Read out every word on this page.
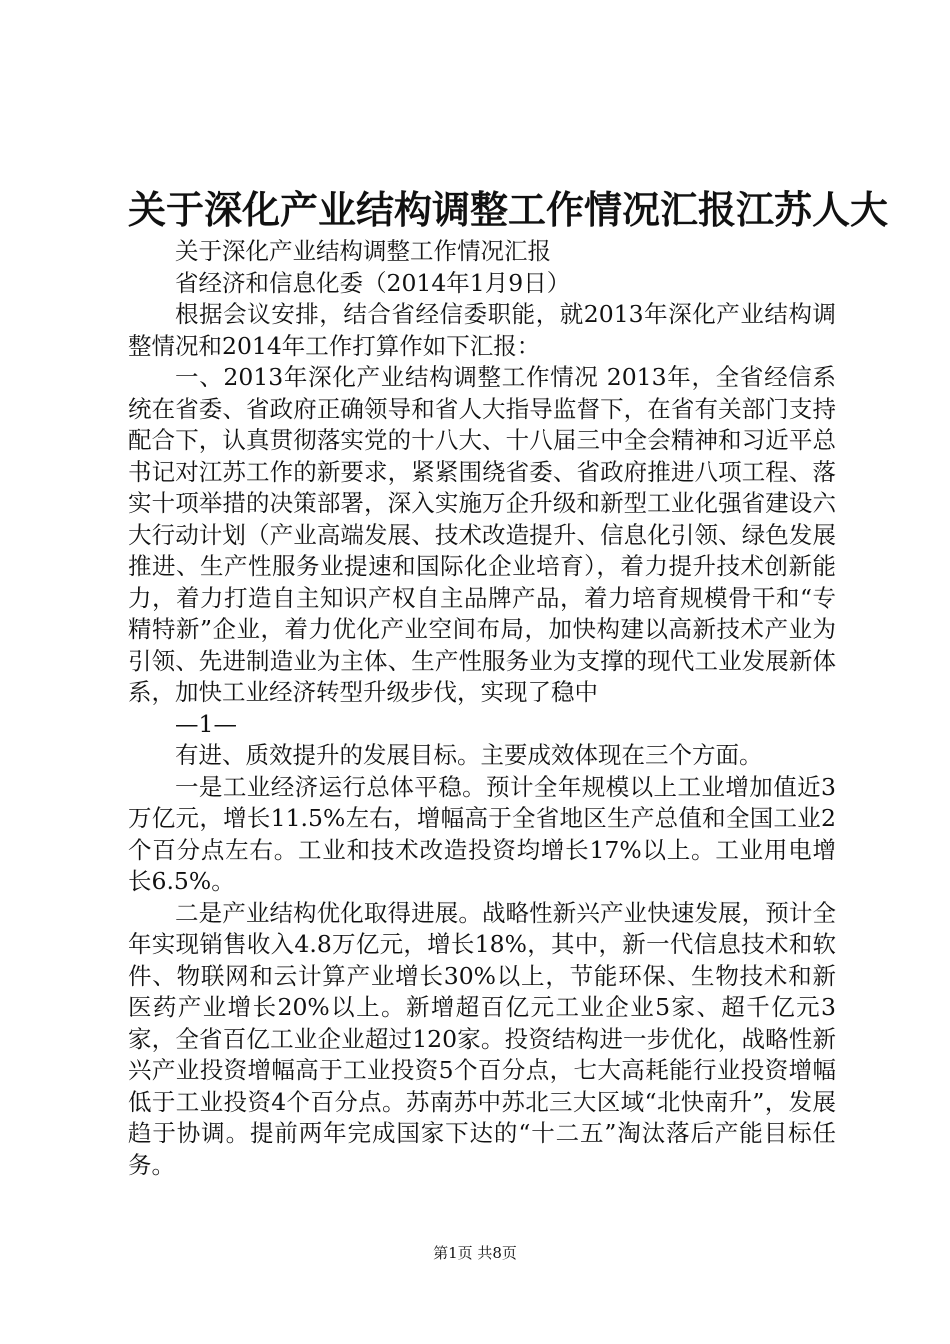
关于深化产业结构调整工作情况汇报江苏人大

关于深化产业结构调整工作情况汇报

省经济和信息化委（2014年1月9日）

根据会议安排，结合省经信委职能，就2013年深化产业结构调整情况和2014年工作打算作如下汇报：

一、2013年深化产业结构调整工作情况 2013年，全省经信系统在省委、省政府正确领导和省人大指导监督下，在省有关部门支持配合下，认真贯彻落实党的十八大、十八届三中全会精神和习近平总书记对江苏工作的新要求，紧紧围绕省委、省政府推进八项工程、落实十项举措的决策部署，深入实施万企升级和新型工业化强省建设六大行动计划（产业高端发展、技术改造提升、信息化引领、绿色发展推进、生产性服务业提速和国际化企业培育），着力提升技术创新能力，着力打造自主知识产权自主品牌产品，着力培育规模骨干和“专精特新”企业，着力优化产业空间布局，加快构建以高新技术产业为引领、先进制造业为主体、生产性服务业为支撑的现代工业发展新体系，加快工业经济转型升级步伐，实现了稳中

—1—

有进、质效提升的发展目标。主要成效体现在三个方面。

一是工业经济运行总体平稳。预计全年规模以上工业增加值近3万亿元，增长11.5%左右，增幅高于全省地区生产总值和全国工业2个百分点左右。工业和技术改造投资均增长17%以上。工业用电增长6.5%。

二是产业结构优化取得进展。战略性新兴产业快速发展，预计全年实现销售收入4.8万亿元，增长18%，其中，新一代信息技术和软件、物联网和云计算产业增长30%以上，节能环保、生物技术和新医药产业增长20%以上。新增超百亿元工业企业5家、超千亿元3家，全省百亿工业企业超过120家。投资结构进一步优化，战略性新兴产业投资增幅高于工业投资5个百分点，七大高耗能行业投资增幅低于工业投资4个百分点。苏南苏中苏北三大区域“北快南升”，发展趋于协调。提前两年完成国家下达的“十二五”淘汰落后产能目标任务。

第1页 共8页
